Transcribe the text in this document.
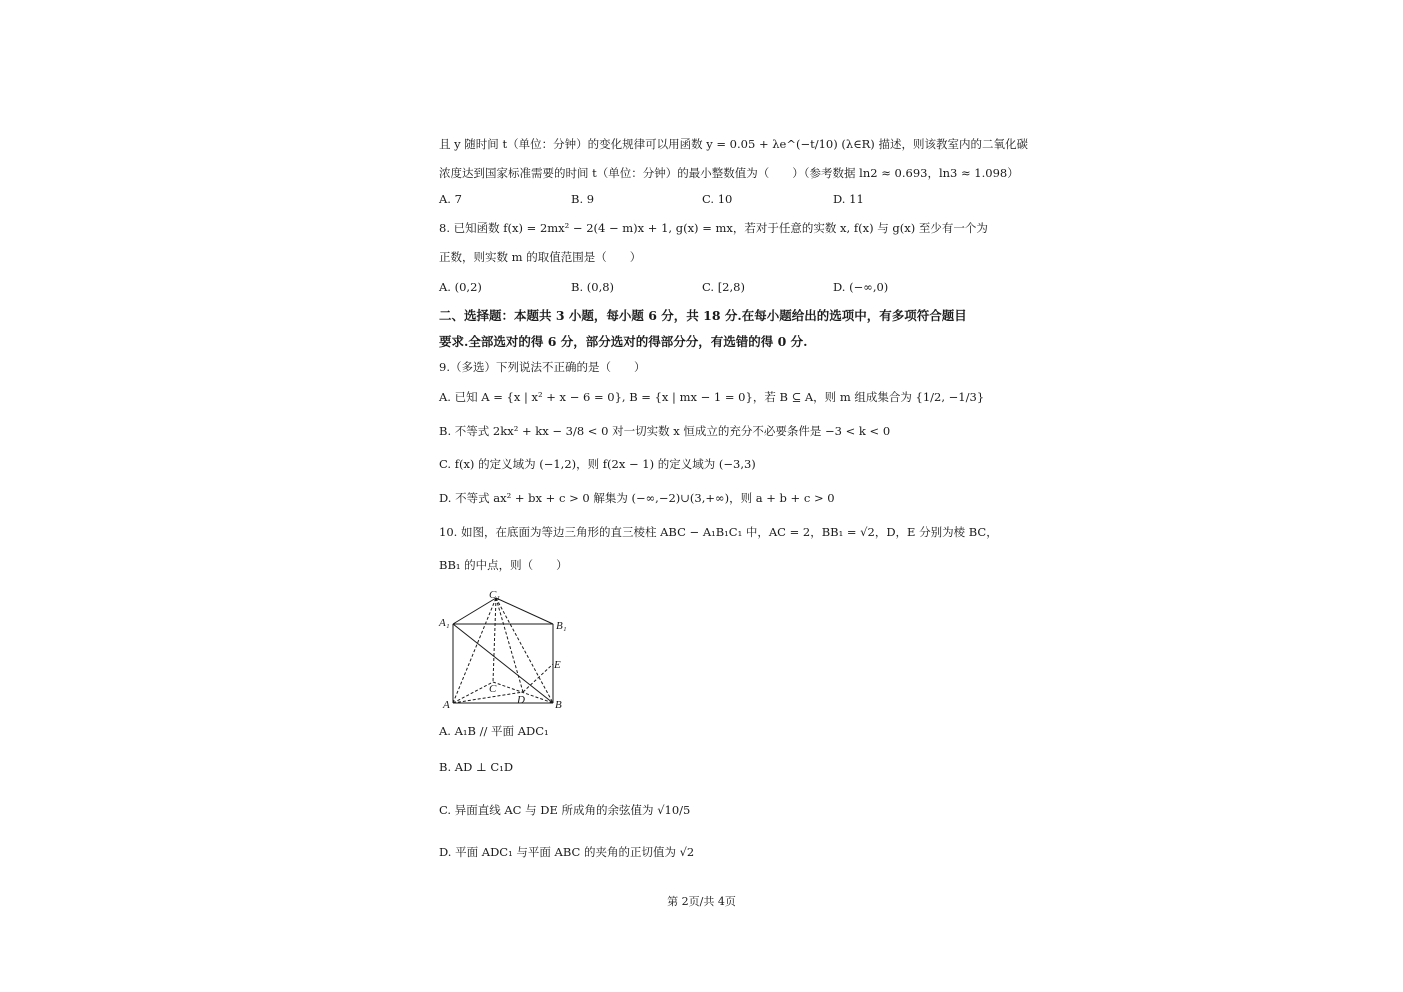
且 y 随时间 t（单位：分钟）的变化规律可以用函数 y = 0.05 + λe^(−t/10) (λ∈R) 描述，则该教室内的二氧化碳
浓度达到国家标准需要的时间 t（单位：分钟）的最小整数值为（　　）（参考数据 ln2 ≈ 0.693，ln3 ≈ 1.098）
A. 7	B. 9	C. 10	D. 11
8. 已知函数 f(x) = 2mx² − 2(4 − m)x + 1, g(x) = mx，若对于任意的实数 x, f(x) 与 g(x) 至少有一个为
正数，则实数 m 的取值范围是（　　）
A. (0,2)	B. (0,8)	C. [2,8)	D. (−∞,0)
二、选择题：本题共 3 小题，每小题 6 分，共 18 分.在每小题给出的选项中，有多项符合题目
要求.全部选对的得 6 分，部分选对的得部分分，有选错的得 0 分.
9.（多选）下列说法不正确的是（　　）
A. 已知 A = {x | x² + x − 6 = 0}, B = {x | mx − 1 = 0}，若 B ⊆ A，则 m 组成集合为 {1/2, −1/3}
B. 不等式 2kx² + kx − 3/8 < 0 对一切实数 x 恒成立的充分不必要条件是 −3 < k < 0
C. f(x) 的定义域为 (−1,2)，则 f(2x − 1) 的定义域为 (−3,3)
D. 不等式 ax² + bx + c > 0 解集为 (−∞,−2)∪(3,+∞)，则 a + b + c > 0
10. 如图，在底面为等边三角形的直三棱柱 ABC − A₁B₁C₁ 中，AC = 2，BB₁ = √2，D，E 分别为棱 BC，
BB₁ 的中点，则（　　）
C₁
A₁	B₁
E
C
D
A	B
A. A₁B // 平面 ADC₁
B. AD ⊥ C₁D
C. 异面直线 AC 与 DE 所成角的余弦值为 √10/5
D. 平面 ADC₁ 与平面 ABC 的夹角的正切值为 √2
第 2页/共 4页
